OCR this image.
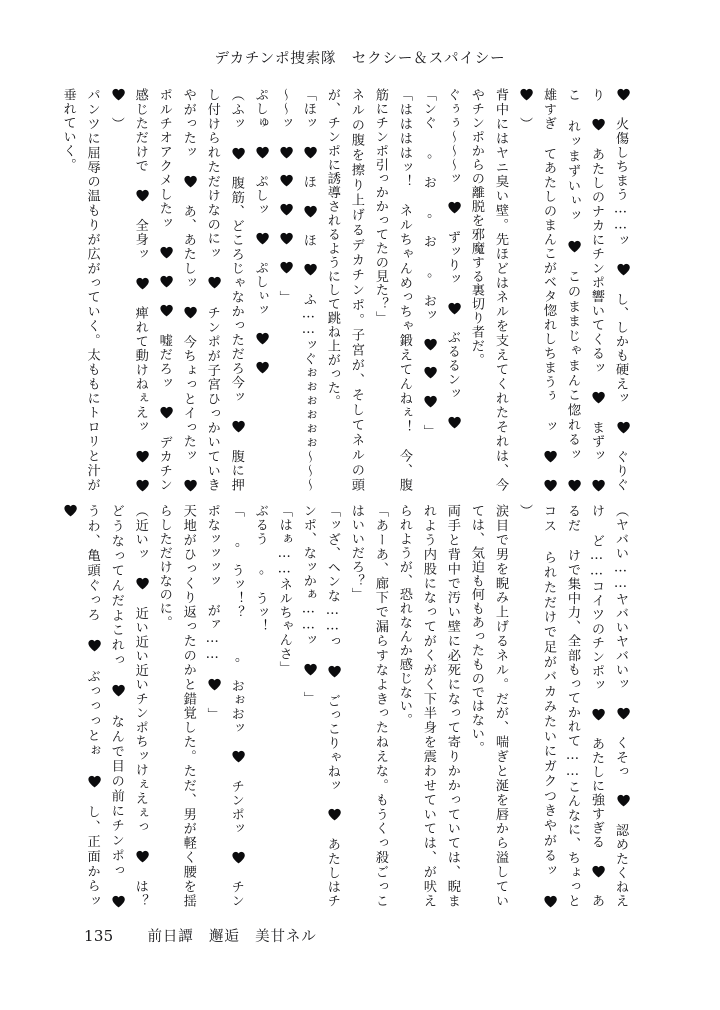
デカチンポ捜索隊　セクシー＆スパイシー

火傷しちまう……ッ  し、しかも硬えッ  ぐりぐり  あたしのナカにチンポ響いてくるッ  まずッ  こ れッまずいぃッ  このままじゃまんこ惚れるッ  雄すぎ てあたしのまんこがベタ惚れしちまうぅ ッ    ）

背中にはヤニ臭い壁。先ほどはネルを支えてくれたそれは、今やチンポからの離脱を邪魔する裏切り者だ。

ぐぅぅ～～～ッ  ずッりッ  ぶるるンッ

「ンぐ ｡ お ｡ お ｡ おッ    」

「ははははッ！　ネルちゃんめっちゃ鍛えてんねぇ！　今、腹筋にチンポ引っかかってたの見た？」

ネルの腹を擦り上げるデカチンポ。子宮が、そしてネルの頭が、チンポに誘導されるようにして跳ね上がった。

「ほッ  ほ  ほ  ふ……ッぐぉぉぉぉぉぉ～～～～～ッ      」

ぷしゅ  ぷしッ  ぷしぃッ

（ふッ  腹筋、どころじゃなかっただろ今ッ  腹に押し付けられただけなのにッ  チンポが子宮ひっかいていきやがったッ  あ、あたしッ  今ちょっとイったッ  ポルチオアクメしたッ    嘘だろッ  デカチン感じただけで  全身ッ  痺れて動けねぇえッ    ）

パンツに屈辱の温もりが広がっていく。太ももにトロリと汁が垂れていく。

（ヤバい……ヤバいヤバいッ  くそっ  認めたくねえけ ど……コイツのチンポッ  あたしに強すぎる  あるだ けで集中力、全部もってかれて……こんなに、ちょっとコス られただけで足がバカみたいにガクつきやがるッ  ）

涙目で男を睨み上げるネル。だが、喘ぎと涎を唇から溢していては、気迫も何もあったものではない。

両手と背中で汚い壁に必死になって寄りかかっていては、睨まれよう内股になってがくがく下半身を震わせていては、が吠えられようが、恐れなんか感じない。

「あーあ、廊下で漏らすなよきったねえな。もうくっ殺ごっこはいいだろ？」

「ッざ、ヘンな……っ  ごっこりゃねッ  あたしはチンポ、なッかぁ……ッ  」

「はぁ……ネルちゃんさ」

ぶるう ｡ うッ！

「 ｡ うッ！？　 ｡ おぉおッ  チンポッ  チンポなッッッッ がァ……  」

天地がひっくり返ったのかと錯覚した。ただ、男が軽く腰を揺らしただけなのに。

（近いッ  近い近い近いチンポちッけぇえぇっ  は？　どうなってんだよこれっ  なんで目の前にチンポっ  うわ、亀頭ぐっろ  ぶっっっとぉ  し、正面からッ

135 前日譚　邂逅　美甘ネル
